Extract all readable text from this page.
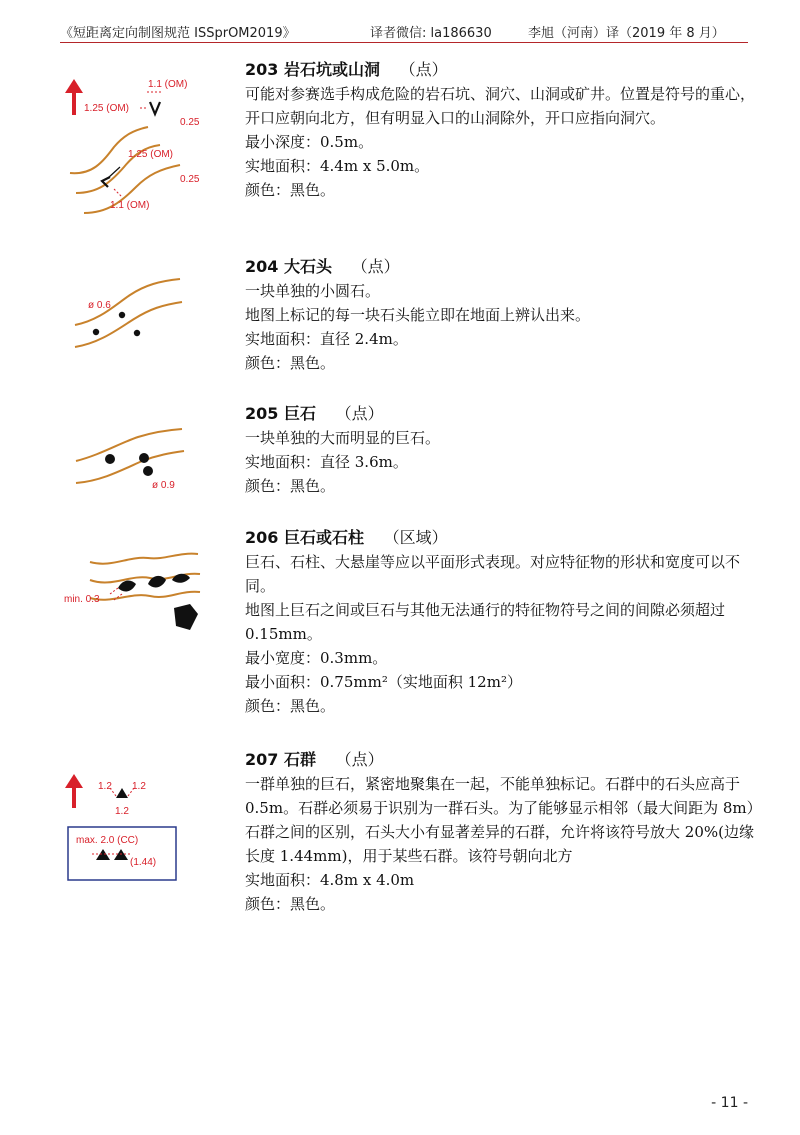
《短距离定向制图规范 ISSprOM2019》	译者微信: la186630	李旭（河南）译（2019 年 8 月）
1.1 (OM)
1.25 (OM)
0.25
1.25 (OM)
0.25
1.1 (OM)
203 岩石坑或山洞 （点）

可能对参赛选手构成危险的岩石坑、洞穴、山洞或矿井。位置是符号的重心，开口应朝向北方，但有明显入口的山洞除外，开口应指向洞穴。

最小深度：0.5m。

实地面积：4.4m x 5.0m。

颜色：黑色。

ø 0.6
204 大石头 （点）

一块单独的小圆石。

地图上标记的每一块石头能立即在地面上辨认出来。

实地面积：直径 2.4m。

颜色：黑色。

ø 0.9
205 巨石 （点）

一块单独的大而明显的巨石。

实地面积：直径 3.6m。

颜色：黑色。

min. 0.3
206 巨石或石柱 （区域）

巨石、石柱、大悬崖等应以平面形式表现。对应特征物的形状和宽度可以不同。

地图上巨石之间或巨石与其他无法通行的特征物符号之间的间隙必须超过 0.15mm。

最小宽度：0.3mm。

最小面积：0.75mm²（实地面积 12m²）

颜色：黑色。

1.2 1.2
1.2
max. 2.0 (CC)
(1.44)
207 石群 （点）

一群单独的巨石，紧密地聚集在一起，不能单独标记。石群中的石头应高于 0.5m。石群必须易于识别为一群石头。为了能够显示相邻（最大间距为 8m）石群之间的区别，石头大小有显著差异的石群，允许将该符号放大 20%(边缘长度 1.44mm)，用于某些石群。该符号朝向北方

实地面积：4.8m x 4.0m

颜色：黑色。

- 11 -
